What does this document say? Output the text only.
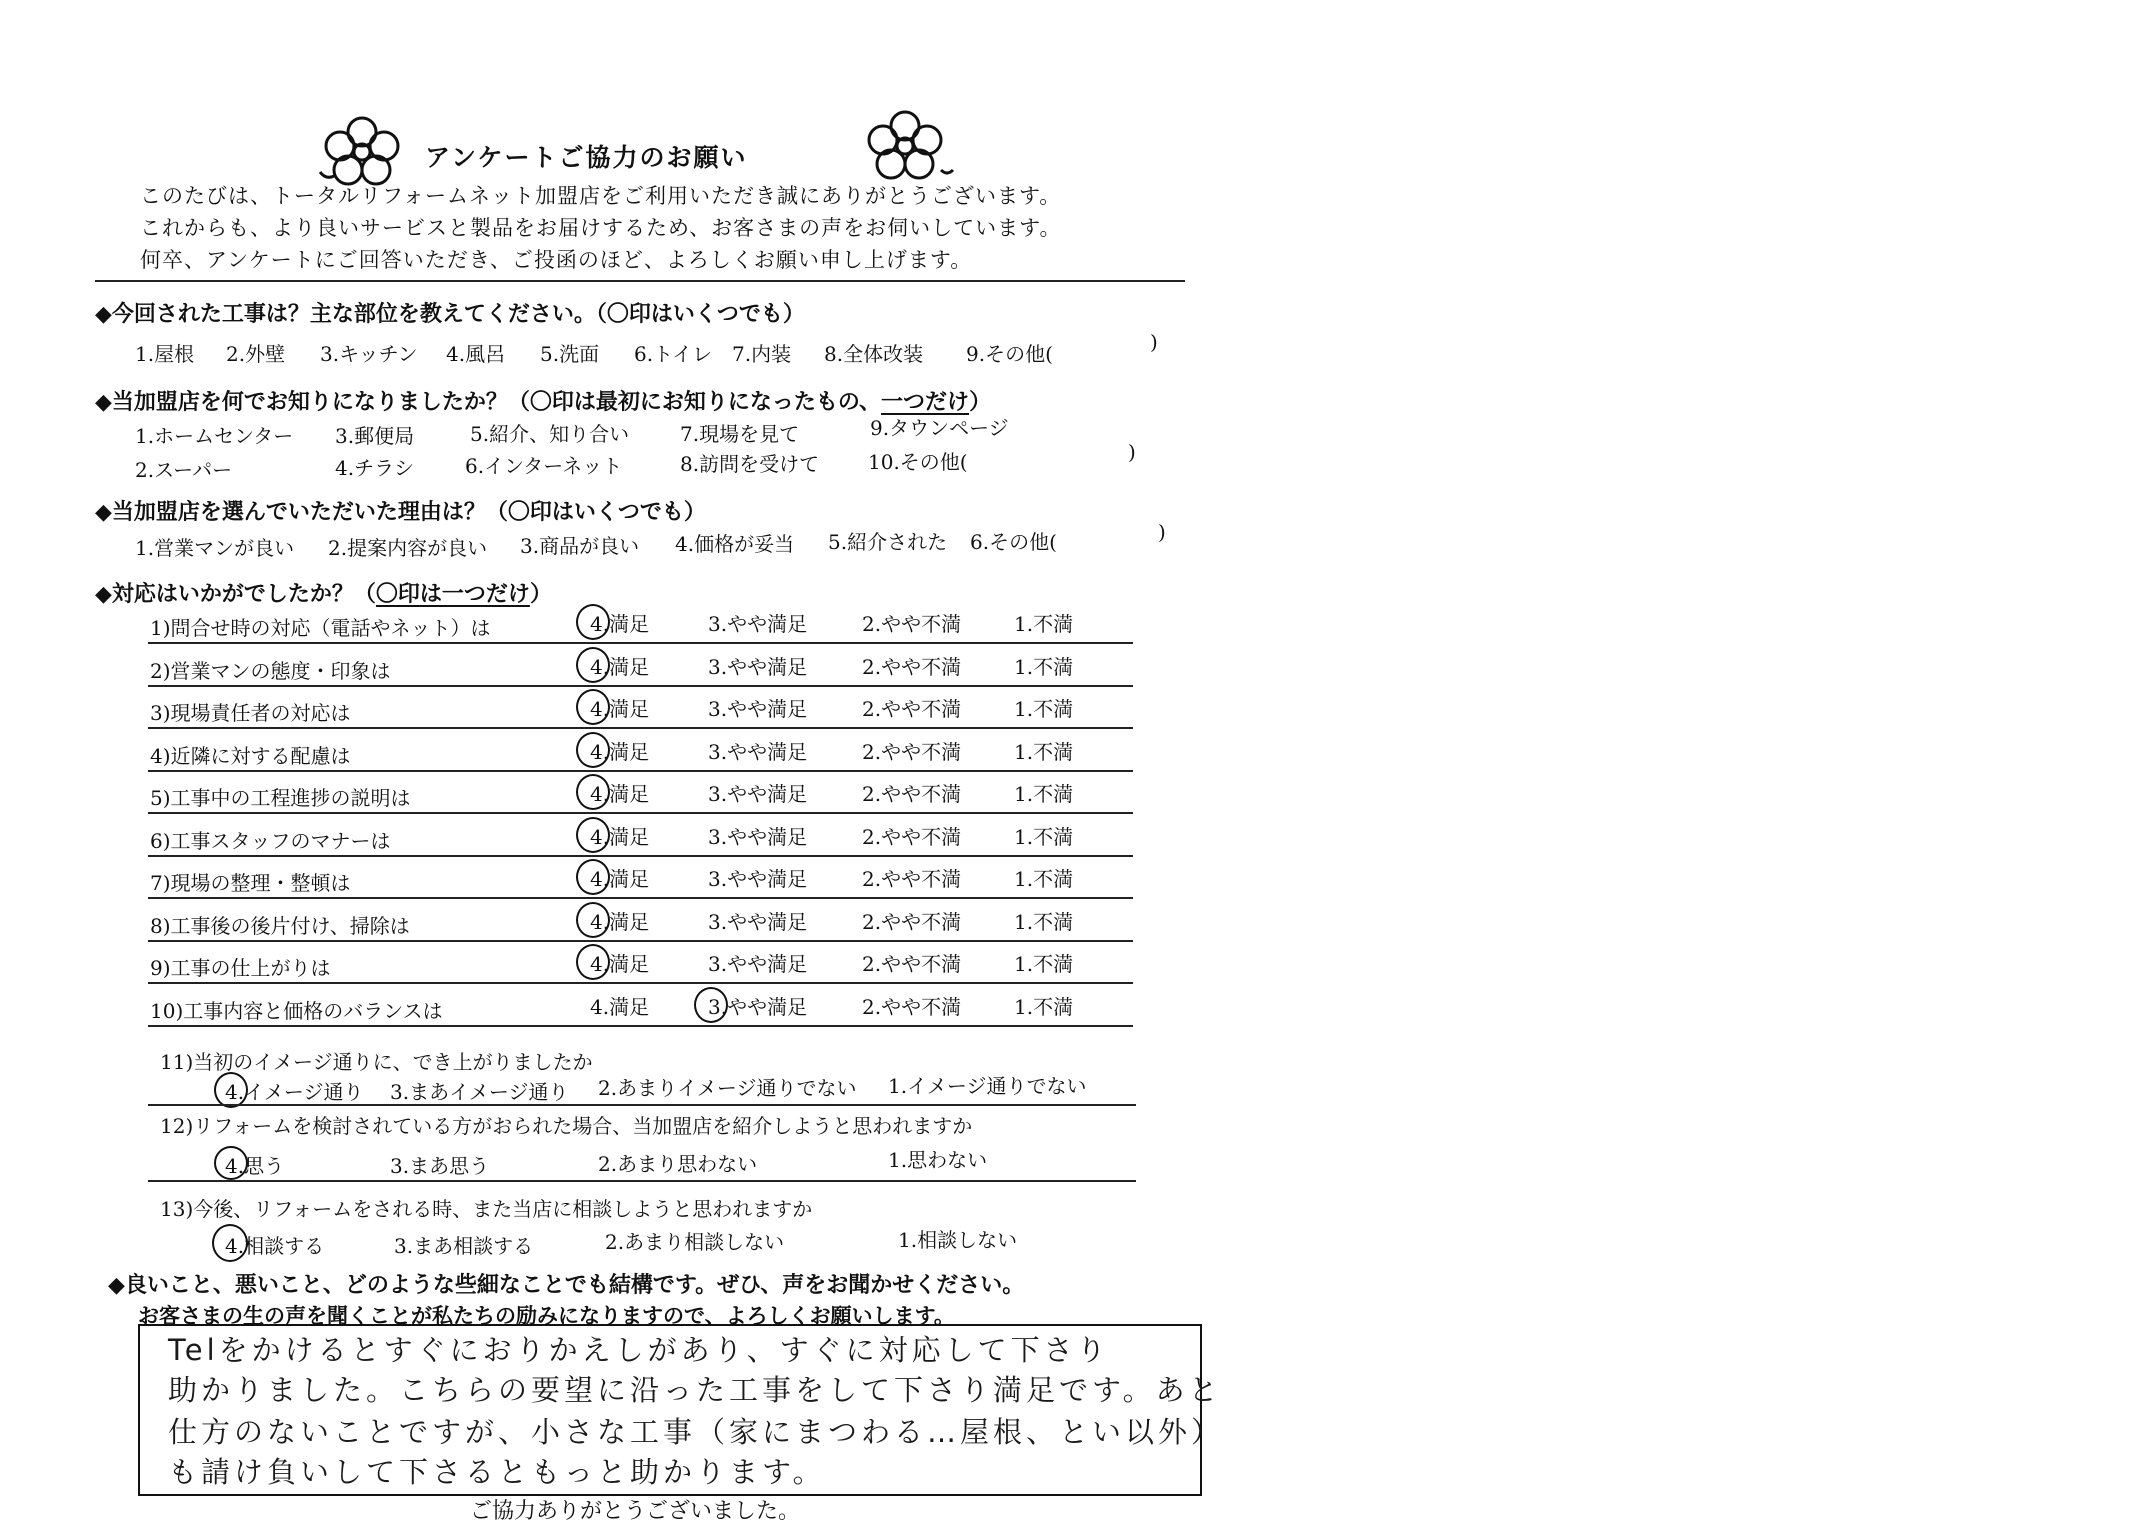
アンケートご協力のお願い
このたびは、トータルリフォームネット加盟店をご利用いただき誠にありがとうございます。
これからも、より良いサービスと製品をお届けするため、お客さまの声をお伺いしています。
何卒、アンケートにご回答いただき、ご投函のほど、よろしくお願い申し上げます。
◆今回された工事は？主な部位を教えてください。（〇印はいくつでも）
1.屋根 2.外壁 3.キッチン 4.風呂 5.洗面 6.トイレ 7.内装 8.全体改装 9.その他(	)
◆当加盟店を何でお知りになりましたか？（〇印は最初にお知りになったもの、一つだけ）
1.ホームセンター 3.郵便局	5.紹介、知り合い	7.現場を見て	9.タウンページ
2.スーパー	4.チラシ	6.インターネット	8.訪問を受けて 10.その他(	)
◆当加盟店を選んでいただいた理由は？（〇印はいくつでも）
1.営業マンが良い 2.提案内容が良い 3.商品が良い 4.価格が妥当 5.紹介された 6.その他(	)
◆対応はいかがでしたか？（〇印は一つだけ）
1)問合せ時の対応（電話やネット）は	4.満足	3.やや満足	2.やや不満	1.不満
2)営業マンの態度・印象は	4.満足	3.やや満足	2.やや不満	1.不満
3)現場責任者の対応は	4.満足	3.やや満足	2.やや不満	1.不満
4)近隣に対する配慮は	4.満足	3.やや満足	2.やや不満	1.不満
5)工事中の工程進捗の説明は	4.満足	3.やや満足	2.やや不満	1.不満
6)工事スタッフのマナーは	4.満足	3.やや満足	2.やや不満	1.不満
7)現場の整理・整頓は	4.満足	3.やや満足	2.やや不満	1.不満
8)工事後の後片付け、掃除は	4.満足	3.やや満足	2.やや不満	1.不満
9)工事の仕上がりは	4.満足	3.やや満足	2.やや不満	1.不満
10)工事内容と価格のバランスは	4.満足	3.やや満足	2.やや不満	1.不満
11)当初のイメージ通りに、でき上がりましたか
4.イメージ通り 3.まあイメージ通り 2.あまりイメージ通りでない 1.イメージ通りでない
12)リフォームを検討されている方がおられた場合、当加盟店を紹介しようと思われますか
4.思う	3.まあ思う	2.あまり思わない	1.思わない
13)今後、リフォームをされる時、また当店に相談しようと思われますか
4.相談する	3.まあ相談する	2.あまり相談しない	1.相談しない
◆良いこと、悪いこと、どのような些細なことでも結構です。ぜひ、声をお聞かせください。
お客さまの生の声を聞くことが私たちの励みになりますので、よろしくお願いします。
Telをかけるとすぐにおりかえしがあり、すぐに対応して下さり
助かりました。こちらの要望に沿った工事をして下さり満足です。あと
仕方のないことですが、小さな工事（家にまつわる…屋根、とい以外）
も請け負いして下さるともっと助かります。
ご協力ありがとうございました。
